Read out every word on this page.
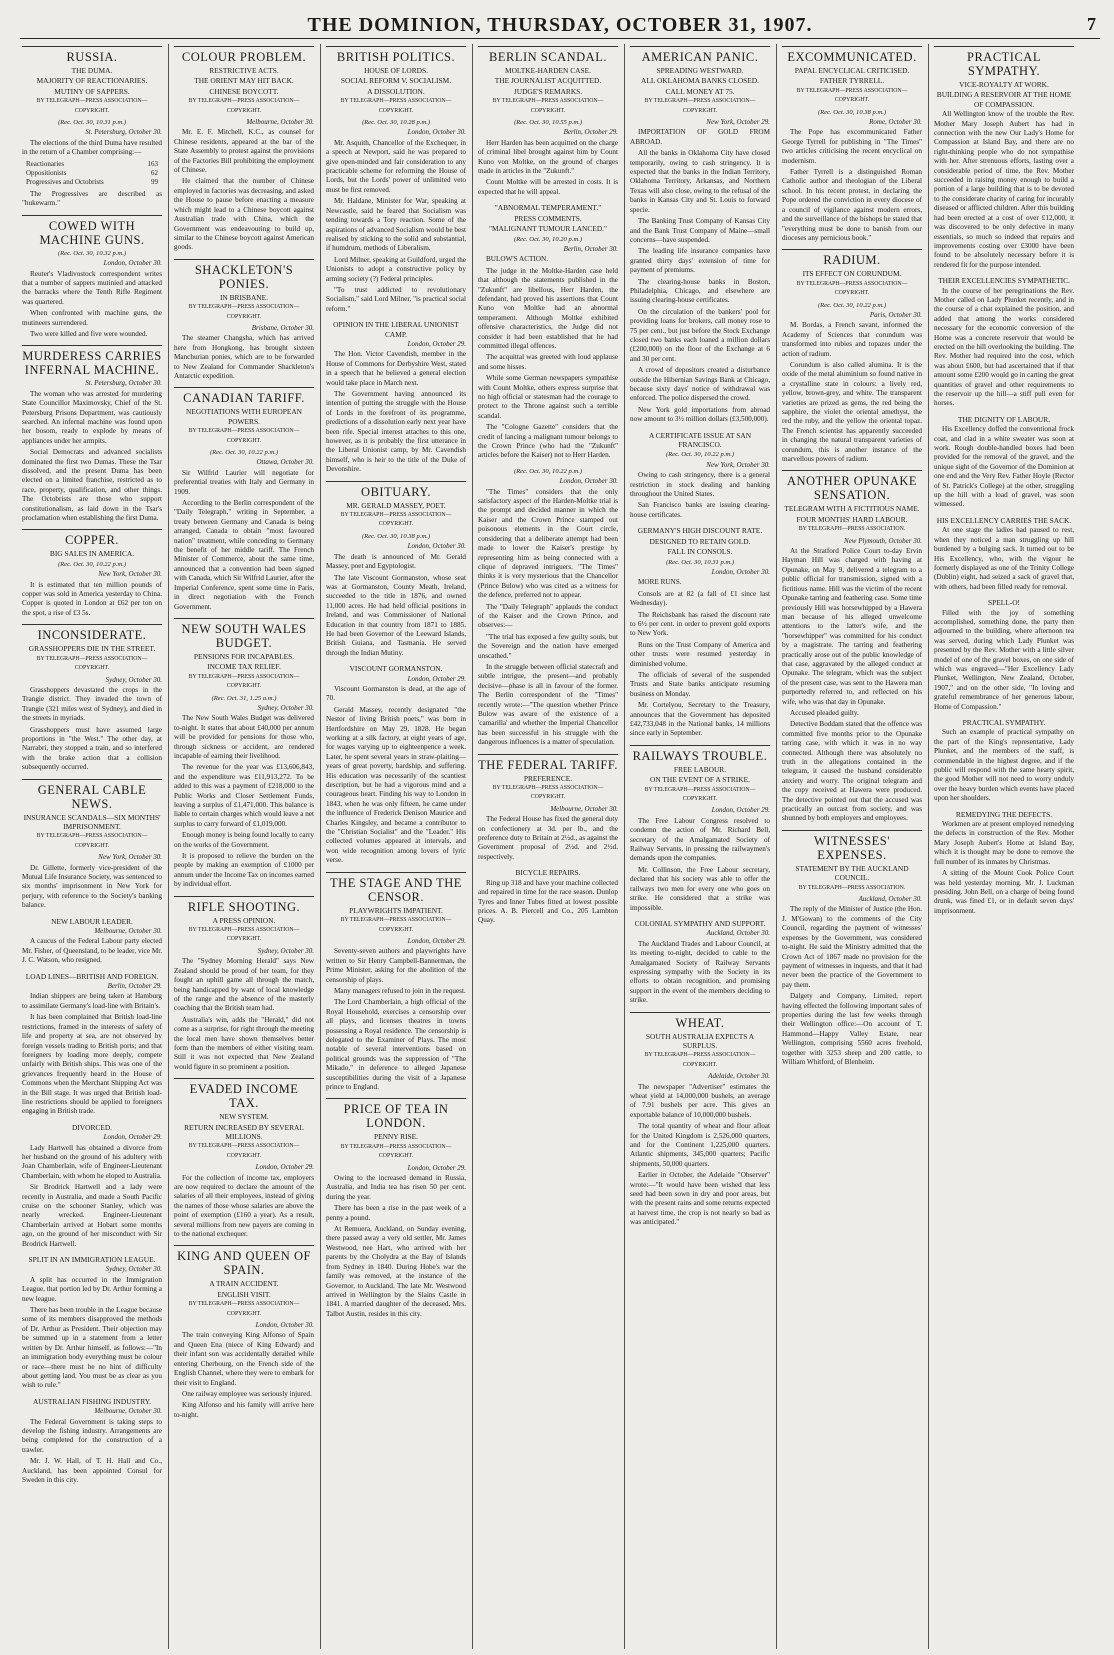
THE DOMINION, THURSDAY, OCTOBER 31, 1907.	7
RUSSIA.
THE DUMA.
MAJORITY OF REACTIONARIES.
MUTINY OF SAPPERS.
BY TELEGRAPH—PRESS ASSOCIATION—COPYRIGHT.
(Rec. Oct. 30, 10.31 p.m.)
St. Petersburg, October 30.

The elections of the third Duma have resulted in the return of a Chamber comprising:—

Reactionaries	163
Oppositionists	62
Progressives and Octobrists	99

The Progressives are described as "hukewarm."

COWED WITH MACHINE GUNS.
(Rec. Oct. 30, 10.32 p.m.)
London, October 30.

Reuter's Vladivostock correspondent writes that a number of sappers mutinied and attacked the barracks where the Tenth Rifle Regiment was quartered.

When confronted with machine guns, the mutineers surrendered.

Two were killed and five were wounded.

MURDERESS CARRIES INFERNAL MACHINE.
St. Petersburg, October 30.

The woman who was arrested for murdering State Councillor Maximovsky, Chief of the St. Petersburg Prisons Department, was cautiously searched. An infernal machine was found upon her bosom, ready to explode by means of appliances under her armpits.

Social Democrats and advanced socialists dominated the first two Dumas. These the Tsar dissolved, and the present Duma has been elected on a limited franchise, restricted as to race, property, qualification, and other things. The Octobrists are those who support constitutionalism, as laid down in the Tsar's proclamation when establishing the first Duma.

COPPER.
BIG SALES IN AMERICA.
(Rec. Oct. 30, 10.22 p.m.)
New York, October 30.

It is estimated that ten million pounds of copper was sold in America yesterday to China. Copper is quoted in London at £62 per ton on the spot, a rise of £3 5s.

INCONSIDERATE.
GRASSHOPPERS DIE IN THE STREET.
BY TELEGRAPH—PRESS ASSOCIATION—COPYRIGHT.
Sydney, October 30.

Grasshoppers devastated the crops in the Trangie district. They invaded the town of Trangie (321 miles west of Sydney), and died in the streets in myriads.

Grasshoppers must have assumed large proportions in "the West." The other day, at Narrabri, they stopped a train, and so interfered with the brake action that a collision subsequently occurred.

GENERAL CABLE NEWS.
INSURANCE SCANDALS—SIX MONTHS' IMPRISONMENT.
BY TELEGRAPH—PRESS ASSOCIATION—COPYRIGHT.
New York, October 30.

Dr. Gillette, formerly vice-president of the Mutual Life Insurance Society, was sentenced to six months' imprisonment in New York for perjury, with reference to the Society's banking balance.

NEW LABOUR LEADER.
Melbourne, October 30.

A caucus of the Federal Labour party elected Mr. Fisher, of Queensland, to be leader, vice Mr. J. C. Watson, who resigned.

LOAD LINES—BRITISH AND FOREIGN.
Berlin, October 29.

Indian shippers are being taken at Hamburg to assimilate Germany's load-line with Britain's.

It has been complained that British load-line restrictions, framed in the interests of safety of life and property at sea, are not observed by foreign vessels trading to British ports; and that foreigners by loading more deeply, compete unfairly with British ships. This was one of the grievances frequently heard in the House of Commons when the Merchant Shipping Act was in the Bill stage. It was urged that British load-line restrictions should be applied to foreigners engaging in British trade.

DIVORCED.
London, October 29.

Lady Hartwell has obtained a divorce from her husband on the ground of his adultery with Joan Chamberlain, wife of Engineer-Lieutenant Chamberlain, with whom he eloped to Australia.

Sir Brodrick Hartwell and a lady were recently in Australia, and made a South Pacific cruise on the schooner Stanley, which was nearly wrecked. Engineer-Lieutenant Chamberlain arrived at Hobart some months ago, on the ground of her misconduct with Sir Brodrick Hartwell.

SPLIT IN AN IMMIGRATION LEAGUE.
Sydney, October 30.

A split has occurred in the Immigration League, that portion led by Dr. Arthur forming a new league.

There has been trouble in the League because some of its members disapproved the methods of Dr. Arthur as President. Their objection may be summed up in a statement from a letter written by Dr. Arthur himself, as follows:—"In an immigration body everything must be colour or race—there must be no hint of difficulty about getting land. You must be as clear as you wish to rule."

AUSTRALIAN FISHING INDUSTRY.
Melbourne, October 30.

The Federal Government is taking steps to develop the fishing industry. Arrangements are being completed for the construction of a trawler.

Mr. J. W. Hall, of T. H. Hall and Co., Auckland, has been appointed Consul for Sweden in this city.

COLOUR PROBLEM.
RESTRICTIVE ACTS.
THE ORIENT MAY HIT BACK.
CHINESE BOYCOTT.
BY TELEGRAPH—PRESS ASSOCIATION—COPYRIGHT.
Melbourne, October 30.

Mr. E. F. Mitchell, K.C., as counsel for Chinese residents, appeared at the bar of the State Assembly to protest against the provisions of the Factories Bill prohibiting the employment of Chinese.

He claimed that the number of Chinese employed in factories was decreasing, and asked the House to pause before enacting a measure which might lead to a Chinese boycott against Australian trade with China, which the Government was endeavouring to build up, similar to the Chinese boycott against American goods.

SHACKLETON'S PONIES.
IN BRISBANE.
BY TELEGRAPH—PRESS ASSOCIATION—COPYRIGHT.
Brisbane, October 30.

The steamer Changsha, which has arrived here from Hongkong, has brought sixteen Manchurian ponies, which are to be forwarded to New Zealand for Commander Shackleton's Antarctic expedition.

CANADIAN TARIFF.
NEGOTIATIONS WITH EUROPEAN POWERS.
BY TELEGRAPH—PRESS ASSOCIATION—COPYRIGHT.
(Rec. Oct. 30, 10.22 p.m.)
Ottawa, October 30.

Sir Wilfrid Laurier will negotiate for preferential treaties with Italy and Germany in 1909.

According to the Berlin correspondent of the "Daily Telegraph," writing in September, a treaty between Germany and Canada is being arranged, Canada to obtain "most favoured nation" treatment, while conceding to Germany the benefit of her middle tariff. The French Minister of Commerce, about the same time, announced that a convention had been signed with Canada, which Sir Wilfrid Laurier, after the Imperial Conference, spent some time in Paris, in direct negotiation with the French Government.

NEW SOUTH WALES BUDGET.
PENSIONS FOR INCAPABLES.
INCOME TAX RELIEF.
BY TELEGRAPH—PRESS ASSOCIATION—COPYRIGHT.
(Rec. Oct. 31, 1.25 a.m.)
Sydney, October 30.

The New South Wales Budget was delivered to-night. It states that about £40,000 per annum will be provided for pensions for those who, through sickness or accident, are rendered incapable of earning their livelihood.

The revenue for the year was £13,606,843, and the expenditure was £11,913,272. To be added to this was a payment of £218,000 to the Public Works and Closer Settlement Funds, leaving a surplus of £1,471,000. This balance is liable to certain charges which would leave a net surplus to carry forward of £1,019,000.

Enough money is being found locally to carry on the works of the Government.

It is proposed to relieve the burden on the people by making an exemption of £1000 per annum under the Income Tax on incomes earned by individual effort.

RIFLE SHOOTING.
A PRESS OPINION.
BY TELEGRAPH—PRESS ASSOCIATION—COPYRIGHT.
Sydney, October 30.

The "Sydney Morning Herald" says New Zealand should be proud of her team, for they fought an uphill game all through the match, being handicapped by want of local knowledge of the range and the absence of the masterly coaching that the British team had.

Australia's win, adds the "Herald," did not come as a surprise, for right through the meeting the local men have shown themselves better form than the members of either visiting team. Still it was not expected that New Zealand would figure in so prominent a position.

EVADED INCOME TAX.
NEW SYSTEM.
RETURN INCREASED BY SEVERAL MILLIONS.
BY TELEGRAPH—PRESS ASSOCIATION—COPYRIGHT.
London, October 29.

For the collection of income tax, employers are now required to declare the amount of the salaries of all their employees, instead of giving the names of those whose salaries are above the point of exemption (£160 a year). As a result, several millions from new payers are coming in to the national exchequer.

KING AND QUEEN OF SPAIN.
A TRAIN ACCIDENT.
ENGLISH VISIT.
BY TELEGRAPH—PRESS ASSOCIATION—COPYRIGHT.
London, October 30.

The train conveying King Alfonso of Spain and Queen Ena (niece of King Edward) and their infant son was accidentally derailed while entering Cherbourg, on the French side of the English Channel, where they were to embark for their visit to England.

One railway employee was seriously injured.

King Alfonso and his family will arrive here to-night.

BRITISH POLITICS.
HOUSE OF LORDS.
SOCIAL REFORM V. SOCIALISM.
A DISSOLUTION.
BY TELEGRAPH—PRESS ASSOCIATION—COPYRIGHT.
(Rec. Oct. 30, 10.28 p.m.)
London, October 30.

Mr. Asquith, Chancellor of the Exchequer, in a speech at Newport, said he was prepared to give open-minded and fair consideration to any practicable scheme for reforming the House of Lords, but the Lords' power of unlimited veto must be first removed.

Mr. Haldane, Minister for War, speaking at Newcastle, said he feared that Socialism was tending towards a Tory reaction. Some of the aspirations of advanced Socialism would be best realised by sticking to the solid and substantial, if humdrum, methods of Liberalism.

Lord Milner, speaking at Guildford, urged the Unionists to adopt a constructive policy by arming society (?) Federal principles.

"To trust addicted to revolutionary Socialism," said Lord Milner, "is practical social reform."

OPINION IN THE LIBERAL UNIONIST CAMP.
London, October 29.

The Hon. Victor Cavendish, member in the House of Commons for Derbyshire West, stated in a speech that he believed a general election would take place in March next.

The Government having announced its intention of putting the struggle with the House of Lords in the forefront of its programme, predictions of a dissolution early next year have been rife. Special interest attaches to this one, however, as it is probably the first utterance in the Liberal Unionist camp, by Mr. Cavendish himself, who is heir to the title of the Duke of Devonshire.

OBITUARY.
MR. GERALD MASSEY, POET.
BY TELEGRAPH—PRESS ASSOCIATION—COPYRIGHT.
(Rec. Oct. 30, 10.38 p.m.)
London, October 30.

The death is announced of Mr. Gerald Massey, poet and Egyptologist.

The late Viscount Gormanston, whose seat was at Gormanston, County Meath, Ireland, succeeded to the title in 1876, and owned 11,000 acres. He had held official positions in Ireland, and was Commissioner of National Education in that country from 1871 to 1885. He had been Governor of the Leeward Islands, British Guiana, and Tasmania. He served through the Indian Mutiny.

VISCOUNT GORMANSTON.
London, October 29.

Viscount Gormanston is dead, at the age of 70.

Gerald Massey, recently designated "the Nestor of living British poets," was born in Hertfordshire on May 29, 1828. He began working at a silk factory, at eight years of age, for wages varying up to eighteenpence a week. Later, he spent several years in straw-plaiting—years of great poverty, hardship, and suffering. His education was necessarily of the scantiest description, but he had a vigorous mind and a courageous heart. Finding his way to London in 1843, when he was only fifteen, he came under the influence of Frederick Denison Maurice and Charles Kingsley, and became a contributor to the "Christian Socialist" and the "Leader." His collected volumes appeared at intervals, and won wide recognition among lovers of lyric verse.

THE STAGE AND THE CENSOR.
PLAYWRIGHTS IMPATIENT.
BY TELEGRAPH—PRESS ASSOCIATION—COPYRIGHT.
London, October 29.

Seventy-seven authors and playwrights have written to Sir Henry Campbell-Bannerman, the Prime Minister, asking for the abolition of the censorship of plays.

Many managers refused to join in the request.

The Lord Chamberlain, a high official of the Royal Household, exercises a censorship over all plays, and licenses theatres in towns possessing a Royal residence. The censorship is delegated to the Examiner of Plays. The most notable of several interventions based on political grounds was the suppression of "The Mikado," in deference to alleged Japanese susceptibilities during the visit of a Japanese prince to England.

PRICE OF TEA IN LONDON.
PENNY RISE.
BY TELEGRAPH—PRESS ASSOCIATION—COPYRIGHT.
London, October 29.

Owing to the increased demand in Russia, Australia, and India tea has risen 50 per cent. during the year.

There has been a rise in the past week of a penny a pound.

At Remuera, Auckland, on Sunday evening, there passed away a very old settler, Mr. James Westwood, nee Hart, who arrived with her parents by the Cholydra at the Bay of Islands from Sydney in 1840. During Hobe's war the family was removed, at the instance of the Governor, to Auckland. The late Mr. Westwood arrived in Wellington by the Slains Castle in 1841. A married daughter of the deceased, Mrs. Talbot Austin, resides in this city.

BERLIN SCANDAL.
MOLTKE-HARDEN CASE.
THE JOURNALIST ACQUITTED.
JUDGE'S REMARKS.
BY TELEGRAPH—PRESS ASSOCIATION—COPYRIGHT.
(Rec. Oct. 30, 10.55 p.m.)
Berlin, October 29.

Herr Harden has been acquitted on the charge of criminal libel brought against him by Count Kuno von Moltke, on the ground of charges made in articles in the "Zukunft."

Count Moltke will be arrested in costs. It is expected that he will appeal.

"ABNORMAL TEMPERAMENT."
PRESS COMMENTS.
"MALIGNANT TUMOUR LANCED."
(Rec. Oct. 30, 10.20 p.m.)
Berlin, October 30.

BULOW'S ACTION.

The judge in the Moltke-Harden case held that although the statements published in the "Zukunft" are libellous, Herr Harden, the defendant, had proved his assertions that Count Kuno von Moltke had an abnormal temperament. Although Moltke exhibited offensive characteristics, the Judge did not consider it had been established that he had committed illegal offences.

The acquittal was greeted with loud applause and some hisses.

While some German newspapers sympathise with Count Moltke, others express surprise that no high official or statesman had the courage to protect to the Throne against such a terrible scandal.

The "Cologne Gazette" considers that the credit of lancing a malignant tumour belongs to the Crown Prince (who had the "Zukunft" articles before the Kaiser) not to Herr Harden.

(Rec. Oct. 30, 10.22 p.m.)
London, October 30.

"The Times" considers that the only satisfactory aspect of the Harden-Moltke trial is the prompt and decided manner in which the Kaiser and the Crown Prince stamped out poisonous elements in the Court circle, considering that a deliberate attempt had been made to lower the Kaiser's prestige by representing him as being connected with a clique of depraved intriguers. "The Times" thinks it is very mysterious that the Chancellor (Prince Bulow) who was cited as a witness for the defence, preferred not to appear.

The "Daily Telegraph" applauds the conduct of the Kaiser and the Crown Prince, and observes:—

"The trial has exposed a few guilty souls, but the Sovereign and the nation have emerged unscathed."

In the struggle between official statecraft and subtle intrigue, the present—and probably decisive—phase is all in favour of the former. The Berlin correspondent of the "Times" recently wrote:—"The question whether Prince Bulow was aware of the existence of a 'camarilla' and whether the Imperial Chancellor has been successful in his struggle with the dangerous influences is a matter of speculation.

THE FEDERAL TARIFF.
PREFERENCE.
BY TELEGRAPH—PRESS ASSOCIATION—COPYRIGHT.
Melbourne, October 30.

The Federal House has fixed the general duty on confectionery at 3d. per lb., and the preference duty to Britain at 2½d., as against the Government proposal of 2½d. and 2½d. respectively.

BICYCLE REPAIRS.

Ring up 318 and have your machine collected and repaired in time for the race season. Dunlop Tyres and Inner Tubes fitted at lowest possible prices. A. B. Piercell and Co., 205 Lambton Quay.

AMERICAN PANIC.
SPREADING WESTWARD.
ALL OKLAHOMA BANKS CLOSED.
CALL MONEY AT 75.
BY TELEGRAPH—PRESS ASSOCIATION—COPYRIGHT.
New York, October 29.

IMPORTATION OF GOLD FROM ABROAD.

All the banks in Oklahoma City have closed temporarily, owing to cash stringency. It is expected that the banks in the Indian Territory, Oklahoma Territory, Arkansas, and Northern Texas will also close, owing to the refusal of the banks in Kansas City and St. Louis to forward specie.

The Banking Trust Company of Kansas City and the Bank Trust Company of Maine—small concerns—have suspended.

The leading life insurance companies have granted thirty days' extension of time for payment of premiums.

The clearing-house banks in Boston, Philadelphia, Chicago, and elsewhere are issuing clearing-house certificates.

On the circulation of the bankers' pool for providing loans for brokers, call money rose to 75 per cent., but just before the Stock Exchange closed two banks each loaned a million dollars (£200,000) on the floor of the Exchange at 6 and 30 per cent.

A crowd of depositors created a disturbance outside the Hibernian Savings Bank at Chicago, because sixty days' notice of withdrawal was enforced. The police dispersed the crowd.

New York gold importations from abroad now amount to 3½ million dollars (£3,500,000).

A CERTIFICATE ISSUE AT SAN FRANCISCO.
(Rec. Oct. 30, 10.22 p.m.)
New York, October 30.

Owing to cash stringency, there is a general restriction in stock dealing and banking throughout the United States.

San Francisco banks are issuing clearing-house certificates.

GERMANY'S HIGH DISCOUNT RATE.
DESIGNED TO RETAIN GOLD.
FALL IN CONSOLS.
(Rec. Oct. 30, 10.31 p.m.)
London, October 30.

MORE RUNS.

Consols are at 82 (a fall of £1 since last Wednesday).

The Reichsbank has raised the discount rate to 6½ per cent. in order to prevent gold exports to New York.

Runs on the Trust Company of America and other trusts were resumed yesterday in diminished volume.

The officials of several of the suspended Trusts and State banks anticipate resuming business on Monday.

Mr. Cortelyou, Secretary to the Treasury, announces that the Government has deposited £42,733,048 in the National banks, 14 millions since early in September.

RAILWAYS TROUBLE.
FREE LABOUR.
ON THE EVENT OF A STRIKE.
BY TELEGRAPH—PRESS ASSOCIATION—COPYRIGHT.
London, October 29.

The Free Labour Congress resolved to condemn the action of Mr. Richard Bell, secretary of the Amalgamated Society of Railway Servants, in pressing the railwaymen's demands upon the companies.

Mr. Collinson, the Free Labour secretary, declared that his society was able to offer the railways two men for every one who goes on strike. He considered that a strike was impossible.

COLONIAL SYMPATHY AND SUPPORT.
Auckland, October 30.

The Auckland Trades and Labour Council, at its meeting to-night, decided to cable to the Amalgamated Society of Railway Servants expressing sympathy with the Society in its efforts to obtain recognition, and promising support in the event of the members deciding to strike.

WHEAT.
SOUTH AUSTRALIA EXPECTS A SURPLUS.
BY TELEGRAPH—PRESS ASSOCIATION—COPYRIGHT.
Adelaide, October 30.

The newspaper "Advertiser" estimates the wheat yield at 14,000,000 bushels, an average of 7.91 bushels per acre. This gives an exportable balance of 10,000,000 bushels.

The total quantity of wheat and flour afloat for the United Kingdom is 2,526,000 quarters, and for the Continent 1,225,000 quarters. Atlantic shipments, 345,000 quarters; Pacific shipments, 50,000 quarters.

Earlier in October, the Adelaide "Observer" wrote:—"It would have been wished that less seed had been sown in dry and poor areas, but with the present rains and some returns expected at harvest time, the crop is not nearly so bad as was anticipated."

EXCOMMUNICATED.
PAPAL ENCYCLICAL CRITICISED.
FATHER TYRRELL.
BY TELEGRAPH—PRESS ASSOCIATION—COPYRIGHT.
(Rec. Oct. 30, 10.38 p.m.)
Rome, October 30.

The Pope has excommunicated Father George Tyrrell for publishing in "The Times" two articles criticising the recent encyclical on modernism.

Father Tyrrell is a distinguished Roman Catholic author and theologian of the Liberal school. In his recent protest, in declaring the Pope ordered the conviction in every diocese of a council of vigilance against modern errors, and the surveillance of the bishops he stated that "everything must be done to banish from our dioceses any pernicious book."

RADIUM.
ITS EFFECT ON CORUNDUM.
BY TELEGRAPH—PRESS ASSOCIATION—COPYRIGHT.
(Rec. Oct. 30, 10.22 p.m.)
Paris, October 30.

M. Bordas, a French savant, informed the Academy of Sciences that corundum was transformed into rubies and topazes under the action of radium.

Corundum is also called alumina. It is the oxide of the metal aluminium so found native in a crystalline state in colours: a lively red, yellow, brown-grey, and white. The transparent varieties are prized as gems, the red being the sapphire, the violet the oriental amethyst, the red the ruby, and the yellow the oriental topaz. The French scientist has apparently succeeded in changing the natural transparent varieties of corundum, this is another instance of the marvellous powers of radium.

ANOTHER OPUNAKE SENSATION.
TELEGRAM WITH A FICTITIOUS NAME.
FOUR MONTHS' HARD LABOUR.
BY TELEGRAPH—PRESS ASSOCIATION.
New Plymouth, October 30.

At the Stratford Police Court to-day Ervin Hayman Hill was charged with having at Opunake, on May 9, delivered a telegram to a public official for transmission, signed with a fictitious name. Hill was the victim of the recent Opunake tarring and feathering case. Some time previously Hill was horsewhipped by a Hawera man because of his alleged unwelcome attentions to the latter's wife, and the "horsewhipper" was committed for his conduct by a magistrate. The tarring and feathering practically arose out of the public knowledge of that case, aggravated by the alleged conduct at Opunake. The telegram, which was the subject of the present case, was sent to the Hawera man purportedly referred to, and reflected on his wife, who was that day in Opunake.

Accused pleaded guilty.

Detective Boddam stated that the offence was committed five months prior to the Opunake tarring case, with which it was in no way connected. Although there was absolutely no truth in the allegations contained in the telegram, it caused the husband considerable anxiety and worry. The original telegram and the copy received at Hawera were produced. The detective pointed out that the accused was practically an outcast from society, and was shunned by both employers and employees.

WITNESSES' EXPENSES.
STATEMENT BY THE AUCKLAND COUNCIL.
BY TELEGRAPH—PRESS ASSOCIATION.
Auckland, October 30.

The reply of the Minister of Justice (the Hon. J. M'Gowan) to the comments of the City Council, regarding the payment of witnesses' expenses by the Government, was considered to-night. He said the Ministry admitted that the Crown Act of 1867 made no provision for the payment of witnesses in inquests, and that it had never been the practice of the Government to pay them.

Dalgety and Company, Limited, report having effected the following important sales of properties during the last few weeks through their Wellington office:—On account of T. Hammond—Happy Valley Estate, near Wellington, comprising 5560 acres freehold, together with 3253 sheep and 200 cattle, to William Whitford, of Blenheim.

PRACTICAL SYMPATHY.
VICE-ROYALTY AT WORK.
BUILDING A RESERVOIR AT THE HOME OF COMPASSION.

All Wellington know of the trouble the Rev. Mother Mary Joseph Aubert has had in connection with the new Our Lady's Home for Compassion at Island Bay, and there are no right-thinking people who do not sympathise with her. After strenuous efforts, lasting over a considerable period of time, the Rev. Mother succeeded in raising money enough to build a portion of a large building that is to be devoted to the considerate charity of caring for incurably diseased or afflicted children. After this building had been erected at a cost of over £12,000, it was discovered to be only defective in many essentials, so much so indeed that repairs and improvements costing over £3000 have been found to be absolutely necessary before it is rendered fit for the purpose intended.

THEIR EXCELLENCIES SYMPATHETIC.

In the course of her peregrinations the Rev. Mother called on Lady Plunket recently, and in the course of a chat explained the position, and added that among the works considered necessary for the economic conversion of the Home was a concrete reservoir that would be erected on the hill overlooking the building. The Rev. Mother had required into the cost, which was about £600, but had ascertained that if that amount some £200 would go in carting the great quantities of gravel and other requirements to the reservoir up the hill—a stiff pull even for horses.

THE DIGNITY OF LABOUR.

His Excellency doffed the conventional frock coat, and clad in a white sweater was soon at work. Rough double-handled boxes had been provided for the removal of the gravel, and the unique sight of the Governor of the Dominion at one end and the Very Rev. Father Hoyle (Rector of St. Patrick's College) at the other, struggling up the hill with a load of gravel, was soon witnessed.

HIS EXCELLENCY CARRIES THE SACK.

At one stage the ladies had paused to rest, when they noticed a man struggling up hill burdened by a bulging sack. It turned out to be His Excellency, who, with the vigour he formerly displayed as one of the Trinity College (Dublin) eight, had seized a sack of gravel that, with others, had been filled ready for removal.

SPELL-O!

Filled with the joy of something accomplished, something done, the party then adjourned to the building, where afternoon tea was served, during which Lady Plunket was presented by the Rev. Mother with a little silver model of one of the gravel boxes, on one side of which was engraved—"Her Excellency Lady Plunket, Wellington, New Zealand, October, 1907," and on the other side, "In loving and grateful remembrance of her generous labour, Home of Compassion."

PRACTICAL SYMPATHY.

Such an example of practical sympathy on the part of the King's representative, Lady Plunket, and the members of the staff, is commendable in the highest degree, and if the public will respond with the same hearty spirit, the good Mother will not need to worry unduly over the heavy burden which events have placed upon her shoulders.

REMEDYING THE DEFECTS.

Workmen are at present employed remedying the defects in construction of the Rev. Mother Mary Joseph Aubert's Home at Island Bay, which it is thought may be done to remove the full number of its inmates by Christmas.

A sitting of the Mount Cook Police Court was held yesterday morning. Mr. J. Luckman presiding. John Bell, on a charge of being found drunk, was fined £1, or in default seven days' imprisonment.
